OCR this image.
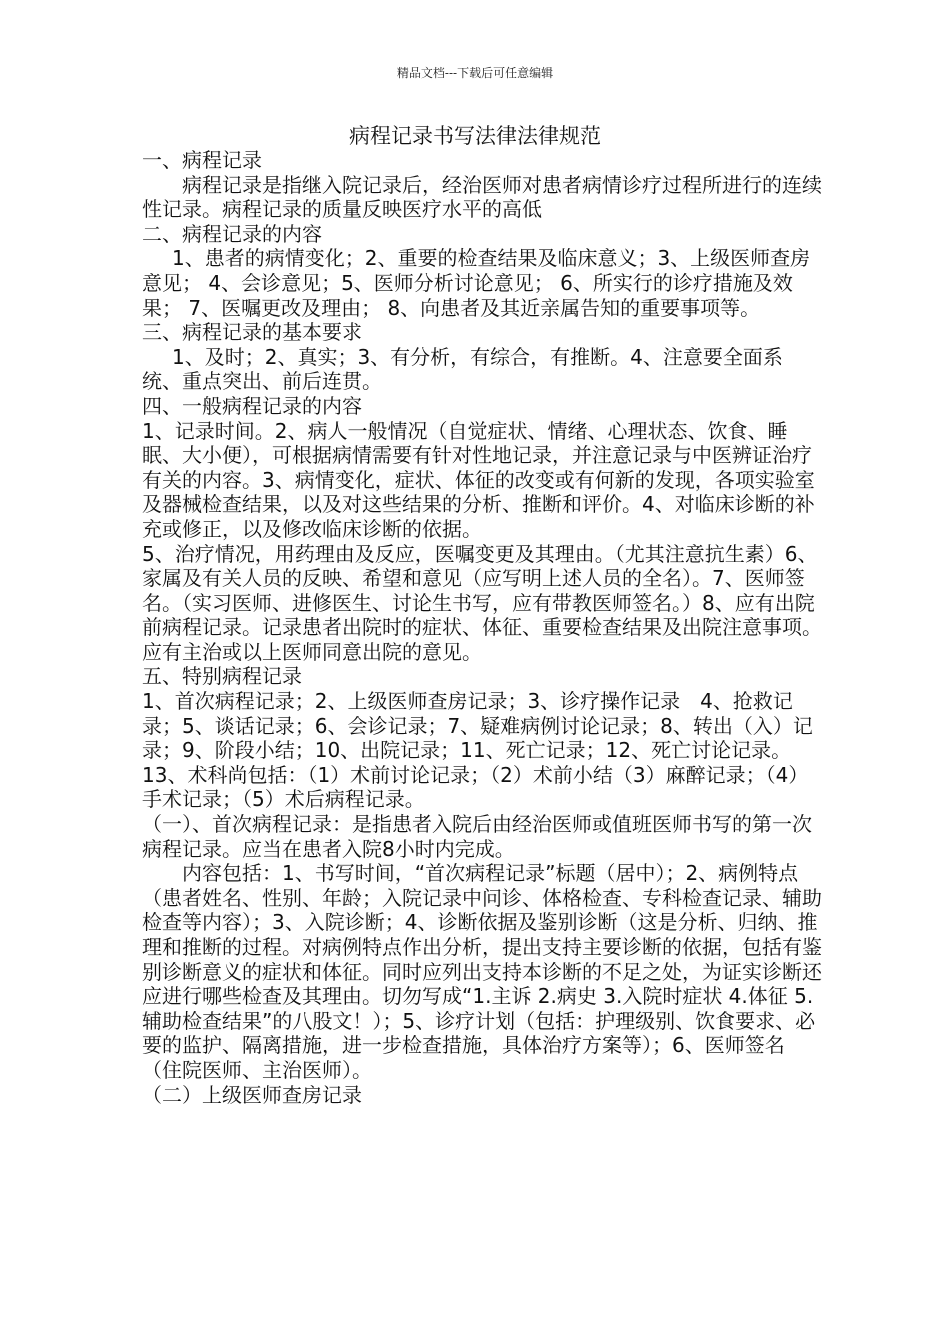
精品文档---下载后可任意编辑
病程记录书写法律法律规范

一、病程记录

病程记录是指继入院记录后，经治医师对患者病情诊疗过程所进行的连续性记录。病程记录的质量反映医疗水平的高低

二、病程记录的内容

1、患者的病情变化；2、重要的检查结果及临床意义；3、上级医师查房意见； 4、会诊意见；5、医师分析讨论意见； 6、所实行的诊疗措施及效果； 7、医嘱更改及理由； 8、向患者及其近亲属告知的重要事项等。

三、病程记录的基本要求

1、及时；2、真实；3、有分析，有综合，有推断。4、注意要全面系统、重点突出、前后连贯。

四、一般病程记录的内容

1、记录时间。2、病人一般情况（自觉症状、情绪、心理状态、饮食、睡眠、大小便），可根据病情需要有针对性地记录，并注意记录与中医辨证治疗有关的内容。3、病情变化，症状、体征的改变或有何新的发现，各项实验室及器械检查结果，以及对这些结果的分析、推断和评价。4、对临床诊断的补充或修正，以及修改临床诊断的依据。

5、治疗情况，用药理由及反应，医嘱变更及其理由。（尤其注意抗生素）6、家属及有关人员的反映、希望和意见（应写明上述人员的全名）。7、医师签名。（实习医师、进修医生、讨论生书写，应有带教医师签名。）8、应有出院前病程记录。记录患者出院时的症状、体征、重要检查结果及出院注意事项。应有主治或以上医师同意出院的意见。

五、特别病程记录

1、首次病程记录；2、上级医师查房记录；3、诊疗操作记录　4、抢救记录；5、谈话记录；6、会诊记录；7、疑难病例讨论记录；8、转出（入）记录；9、阶段小结；10、出院记录；11、死亡记录；12、死亡讨论记录。13、术科尚包括：（1）术前讨论记录；（2）术前小结（3）麻醉记录；（4）手术记录；（5）术后病程记录。

（一）、首次病程记录：是指患者入院后由经治医师或值班医师书写的第一次病程记录。应当在患者入院8小时内完成。

内容包括：1、书写时间，“首次病程记录”标题（居中）；2、病例特点（患者姓名、性别、年龄；入院记录中问诊、体格检查、专科检查记录、辅助检查等内容）；3、入院诊断；4、诊断依据及鉴别诊断（这是分析、归纳、推理和推断的过程。对病例特点作出分析，提出支持主要诊断的依据，包括有鉴别诊断意义的症状和体征。同时应列出支持本诊断的不足之处，为证实诊断还应进行哪些检查及其理由。切勿写成“1.主诉 2.病史 3.入院时症状 4.体征 5.辅助检查结果”的八股文！）；5、诊疗计划（包括：护理级别、饮食要求、必要的监护、隔离措施，进一步检查措施，具体治疗方案等）；6、医师签名（住院医师、主治医师）。

（二）上级医师查房记录
